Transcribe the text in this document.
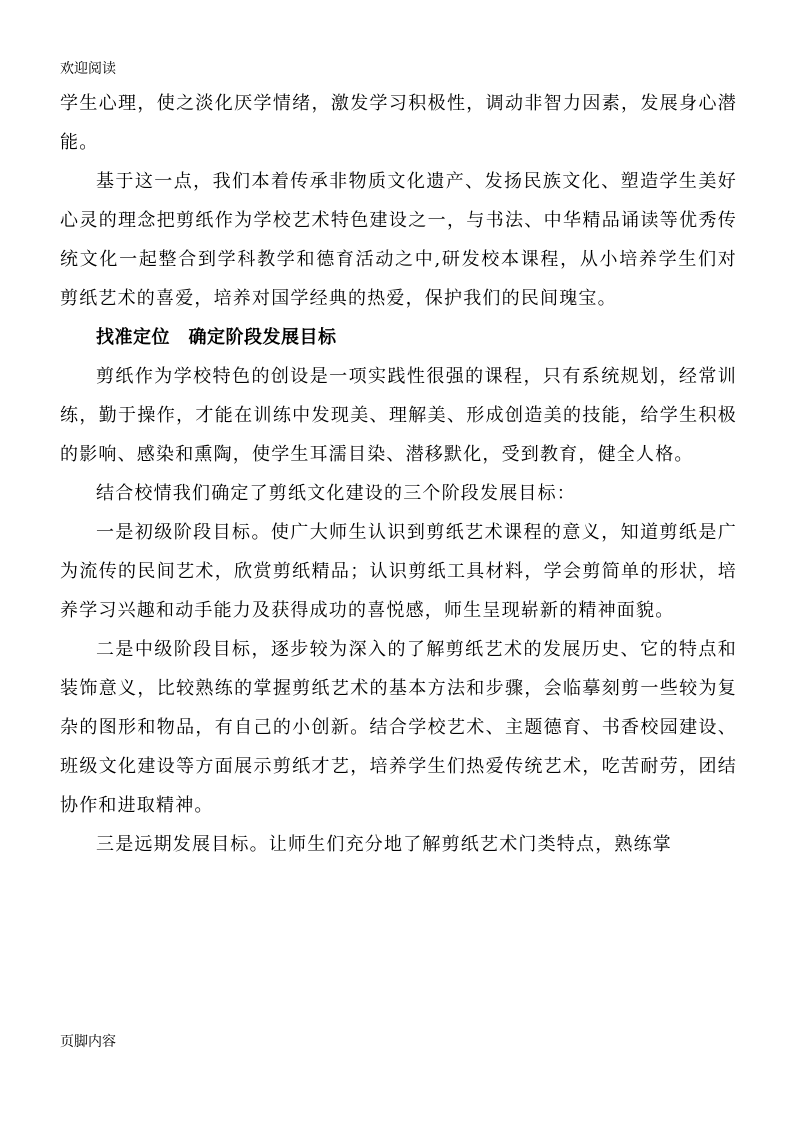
欢迎阅读

学生心理，使之淡化厌学情绪，激发学习积极性，调动非智力因素，发展身心潜能。

基于这一点，我们本着传承非物质文化遗产、发扬民族文化、塑造学生美好心灵的理念把剪纸作为学校艺术特色建设之一，与书法、中华精品诵读等优秀传统文化一起整合到学科教学和德育活动之中,研发校本课程，从小培养学生们对剪纸艺术的喜爱，培养对国学经典的热爱，保护我们的民间瑰宝。

找准定位　确定阶段发展目标

剪纸作为学校特色的创设是一项实践性很强的课程，只有系统规划，经常训练，勤于操作，才能在训练中发现美、理解美、形成创造美的技能，给学生积极的影响、感染和熏陶，使学生耳濡目染、潜移默化，受到教育，健全人格。

结合校情我们确定了剪纸文化建设的三个阶段发展目标：

一是初级阶段目标。使广大师生认识到剪纸艺术课程的意义，知道剪纸是广为流传的民间艺术，欣赏剪纸精品；认识剪纸工具材料，学会剪简单的形状，培养学习兴趣和动手能力及获得成功的喜悦感，师生呈现崭新的精神面貌。

二是中级阶段目标，逐步较为深入的了解剪纸艺术的发展历史、它的特点和装饰意义，比较熟练的掌握剪纸艺术的基本方法和步骤，会临摹刻剪一些较为复杂的图形和物品，有自己的小创新。结合学校艺术、主题德育、书香校园建设、班级文化建设等方面展示剪纸才艺，培养学生们热爱传统艺术，吃苦耐劳，团结协作和进取精神。

三是远期发展目标。让师生们充分地了解剪纸艺术门类特点，熟练掌

页脚内容
